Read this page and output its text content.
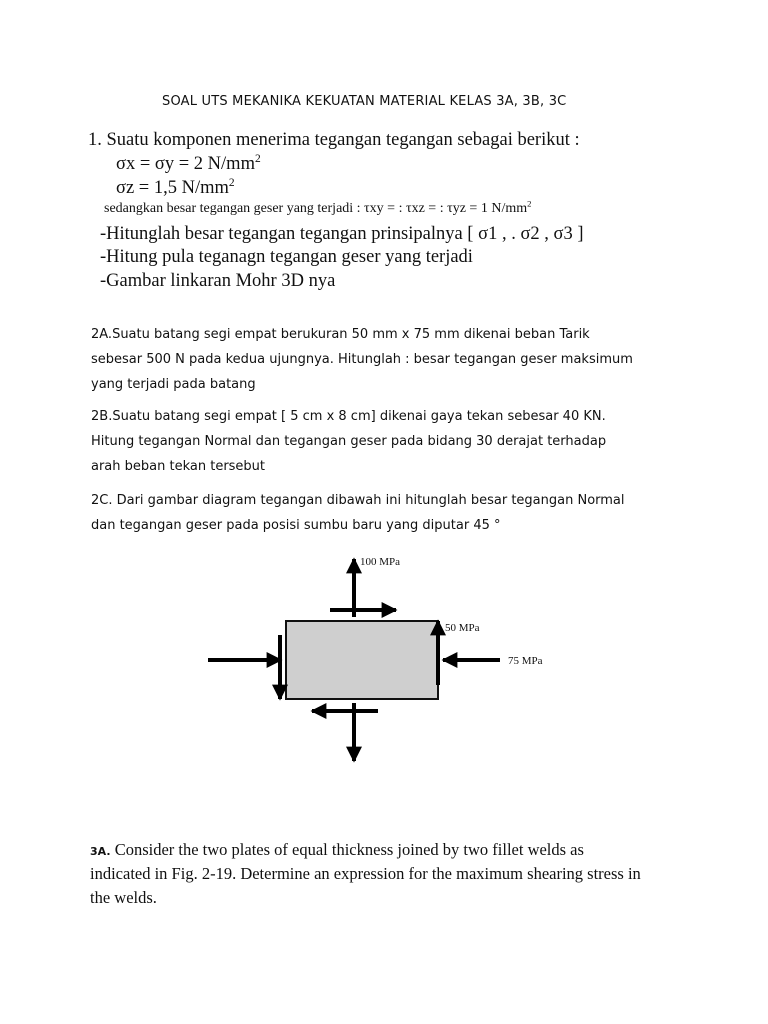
SOAL UTS MEKANIKA KEKUATAN MATERIAL KELAS 3A, 3B, 3C
1. Suatu komponen menerima tegangan tegangan sebagai berikut :
σx = σy = 2 $N/mm^2$
σz = 1,5 $N/mm^2$
sedangkan besar tegangan geser yang terjadi : τxy = : τxz = : τyz = 1 $N/mm^2$
-Hitunglah besar tegangan tegangan prinsipalnya [ σ1 , . σ2 , σ3 ]
-Hitung pula teganagn tegangan geser yang terjadi
-Gambar linkaran Mohr 3D nya
2A.Suatu batang segi empat berukuran 50 mm x 75 mm dikenai beban Tarik
sebesar 500 N pada kedua ujungnya. Hitunglah : besar tegangan geser maksimum
yang terjadi pada batang
2B.Suatu batang segi empat [ 5 cm x 8 cm] dikenai gaya tekan sebesar 40 KN.
Hitung tegangan Normal dan tegangan geser pada bidang 30 derajat terhadap
arah beban tekan tersebut
2C. Dari gambar diagram tegangan dibawah ini hitunglah besar tegangan Normal
dan tegangan geser pada posisi sumbu baru yang diputar 45 °
100 MPa
50 MPa
75 MPa
3A. Consider the two plates of equal thickness joined by two fillet welds as
indicated in Fig. 2-19. Determine an expression for the maximum shearing stress in
the welds.
